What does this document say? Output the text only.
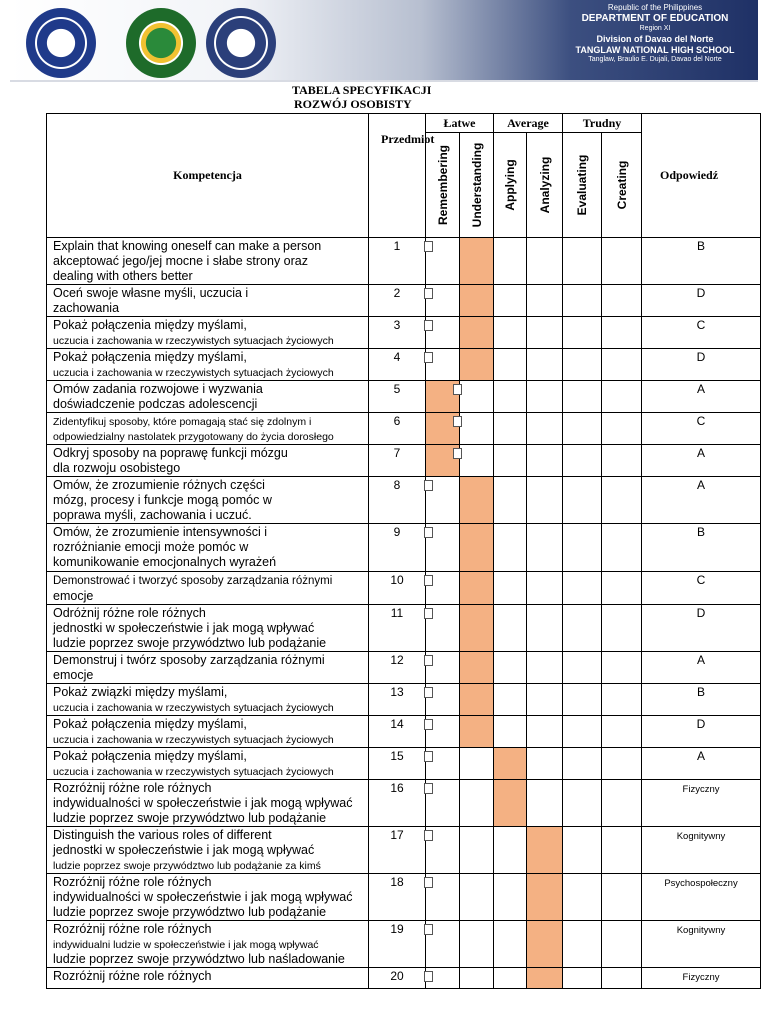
Republic of the Philippines
DEPARTMENT OF EDUCATION
Region XI
Division of Davao del Norte
TANGLAW NATIONAL HIGH SCHOOL
Tanglaw, Braulio E. Dujali, Davao del Norte
TABELA SPECYFIKACJI
ROZWÓJ OSOBISTY
Kompetencja	Przedmiot	Łatwe		Average		Trudny		Odpowiedź

		Remembering	Understanding	Applying	Analyzing	Evaluating	Creating	

Explain that knowing oneself can make a person
akceptować jego/jej mocne i słabe strony oraz
dealing with others better	1							B
Oceń swoje własne myśli, uczucia i
zachowania	2							D
Pokaż połączenia między myślami,
uczucia i zachowania w rzeczywistych sytuacjach życiowych	3							C
Pokaż połączenia między myślami,
uczucia i zachowania w rzeczywistych sytuacjach życiowych	4							D
Omów zadania rozwojowe i wyzwania
doświadczenie podczas adolescencji	5							A
Zidentyfikuj sposoby, które pomagają stać się zdolnym i
odpowiedzialny nastolatek przygotowany do życia dorosłego	6							C
Odkryj sposoby na poprawę funkcji mózgu
dla rozwoju osobistego	7							A
Omów, że zrozumienie różnych części
mózg, procesy i funkcje mogą pomóc w
poprawa myśli, zachowania i uczuć.	8							A
Omów, że zrozumienie intensywności i
rozróżnianie emocji może pomóc w
komunikowanie emocjonalnych wyrażeń	9							B
Demonstrować i tworzyć sposoby zarządzania różnymi
emocje	10							C
Odróżnij różne role różnych
jednostki w społeczeństwie i jak mogą wpływać
ludzie poprzez swoje przywództwo lub podążanie	11							D
Demonstruj i twórz sposoby zarządzania różnymi
emocje	12							A
Pokaż związki między myślami,
uczucia i zachowania w rzeczywistych sytuacjach życiowych	13							B
Pokaż połączenia między myślami,
uczucia i zachowania w rzeczywistych sytuacjach życiowych	14							D
Pokaż połączenia między myślami,
uczucia i zachowania w rzeczywistych sytuacjach życiowych	15							A
Rozróżnij różne role różnych
indywidualności w społeczeństwie i jak mogą wpływać
ludzie poprzez swoje przywództwo lub podążanie	16							Fizyczny
Distinguish the various roles of different
jednostki w społeczeństwie i jak mogą wpływać
ludzie poprzez swoje przywództwo lub podążanie za kimś	17							Kognitywny
Rozróżnij różne role różnych
indywidualności w społeczeństwie i jak mogą wpływać
ludzie poprzez swoje przywództwo lub podążanie	18							Psychospołeczny
Rozróżnij różne role różnych
indywidualni ludzie w społeczeństwie i jak mogą wpływać
ludzie poprzez swoje przywództwo lub naśladowanie	19							Kognitywny
Rozróżnij różne role różnych	20							Fizyczny
